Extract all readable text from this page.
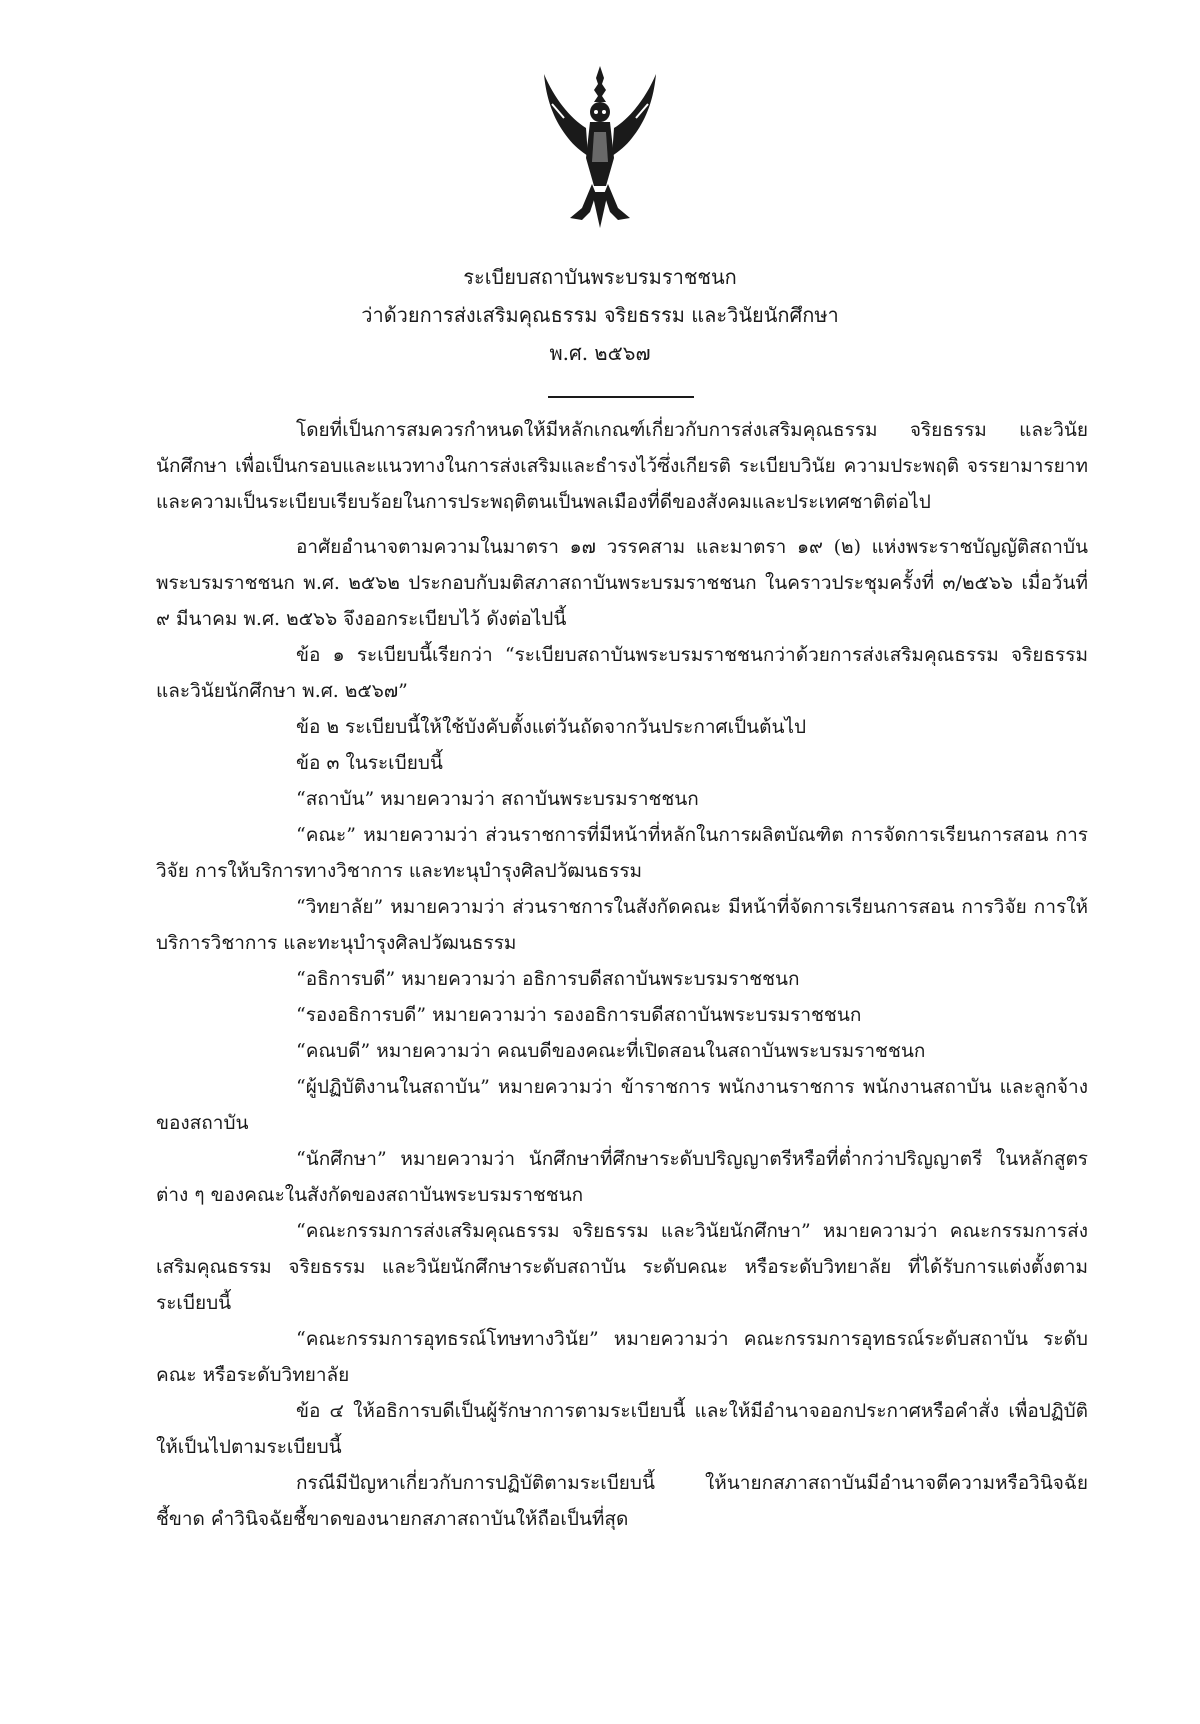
ระเบียบสถาบันพระบรมราชชนก
ว่าด้วยการส่งเสริมคุณธรรม จริยธรรม และวินัยนักศึกษา
พ.ศ. ๒๕๖๗

โดยที่เป็นการสมควรกำหนดให้มีหลักเกณฑ์เกี่ยวกับการส่งเสริมคุณธรรม จริยธรรม และวินัยนักศึกษา เพื่อเป็นกรอบและแนวทางในการส่งเสริมและธำรงไว้ซึ่งเกียรติ ระเบียบวินัย ความประพฤติ จรรยามารยาท และความเป็นระเบียบเรียบร้อยในการประพฤติตนเป็นพลเมืองที่ดีของสังคมและประเทศชาติต่อไป

อาศัยอำนาจตามความในมาตรา ๑๗ วรรคสาม และมาตรา ๑๙ (๒) แห่งพระราชบัญญัติสถาบันพระบรมราชชนก พ.ศ. ๒๕๖๒ ประกอบกับมติสภาสถาบันพระบรมราชชนก ในคราวประชุมครั้งที่ ๓/๒๕๖๖ เมื่อวันที่ ๙ มีนาคม พ.ศ. ๒๕๖๖ จึงออกระเบียบไว้ ดังต่อไปนี้

ข้อ ๑ ระเบียบนี้เรียกว่า “ระเบียบสถาบันพระบรมราชชนกว่าด้วยการส่งเสริมคุณธรรม จริยธรรม และวินัยนักศึกษา พ.ศ. ๒๕๖๗”

ข้อ ๒ ระเบียบนี้ให้ใช้บังคับตั้งแต่วันถัดจากวันประกาศเป็นต้นไป

ข้อ ๓ ในระเบียบนี้

“สถาบัน” หมายความว่า สถาบันพระบรมราชชนก

“คณะ” หมายความว่า ส่วนราชการที่มีหน้าที่หลักในการผลิตบัณฑิต การจัดการเรียนการสอน การวิจัย การให้บริการทางวิชาการ และทะนุบำรุงศิลปวัฒนธรรม

“วิทยาลัย” หมายความว่า ส่วนราชการในสังกัดคณะ มีหน้าที่จัดการเรียนการสอน การวิจัย การให้บริการวิชาการ และทะนุบำรุงศิลปวัฒนธรรม

“อธิการบดี” หมายความว่า อธิการบดีสถาบันพระบรมราชชนก

“รองอธิการบดี” หมายความว่า รองอธิการบดีสถาบันพระบรมราชชนก

“คณบดี” หมายความว่า คณบดีของคณะที่เปิดสอนในสถาบันพระบรมราชชนก

“ผู้ปฏิบัติงานในสถาบัน” หมายความว่า ข้าราชการ พนักงานราชการ พนักงานสถาบัน และลูกจ้างของสถาบัน

“นักศึกษา” หมายความว่า นักศึกษาที่ศึกษาระดับปริญญาตรีหรือที่ต่ำกว่าปริญญาตรี ในหลักสูตรต่าง ๆ ของคณะในสังกัดของสถาบันพระบรมราชชนก

“คณะกรรมการส่งเสริมคุณธรรม จริยธรรม และวินัยนักศึกษา” หมายความว่า คณะกรรมการส่งเสริมคุณธรรม จริยธรรม และวินัยนักศึกษาระดับสถาบัน ระดับคณะ หรือระดับวิทยาลัย ที่ได้รับการแต่งตั้งตามระเบียบนี้

“คณะกรรมการอุทธรณ์โทษทางวินัย” หมายความว่า คณะกรรมการอุทธรณ์ระดับสถาบัน ระดับคณะ หรือระดับวิทยาลัย

ข้อ ๔ ให้อธิการบดีเป็นผู้รักษาการตามระเบียบนี้ และให้มีอำนาจออกประกาศหรือคำสั่ง เพื่อปฏิบัติให้เป็นไปตามระเบียบนี้

กรณีมีปัญหาเกี่ยวกับการปฏิบัติตามระเบียบนี้ ให้นายกสภาสถาบันมีอำนาจตีความหรือวินิจฉัยชี้ขาด คำวินิจฉัยชี้ขาดของนายกสภาสถาบันให้ถือเป็นที่สุด
